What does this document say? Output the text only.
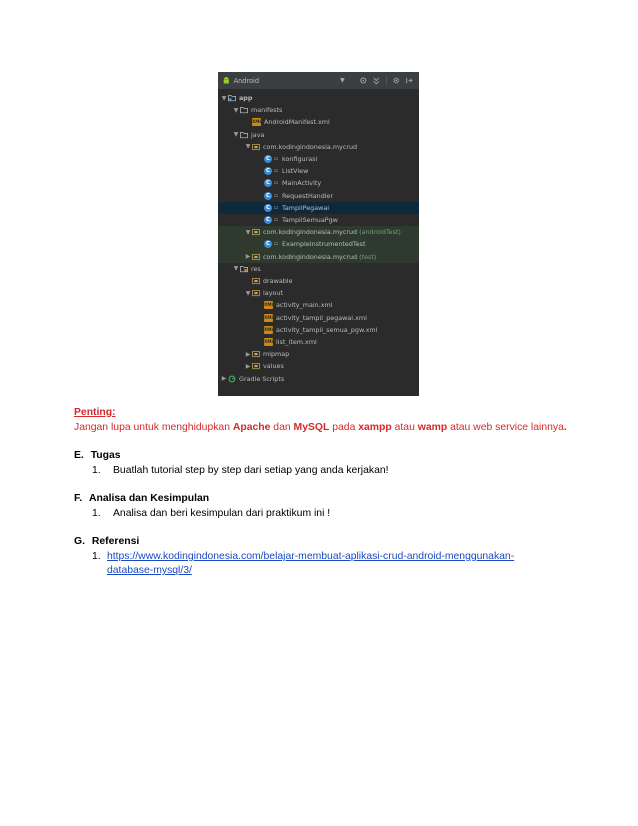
Android	▼
▼ app
▼ manifests
XML AndroidManifest.xml
▼ java
▼ com.kodingindonesia.mycrud
C ▫ konfigurasi
C ▫ ListView
C ▫ MainActivity
C ▫ RequestHandler
C ▫ TampilPegawai
C ▫ TampilSemuaPgw
▼ com.kodingindonesia.mycrud (androidTest)
C ▫ ExampleInstrumentedTest
▶ com.kodingindonesia.mycrud (test)
▼ res
drawable
▼ layout
XML activity_main.xml
XML activity_tampil_pegawai.xml
XML activity_tampil_semua_pgw.xml
XML list_item.xml
▶ mipmap
▶ values
▶ Gradle Scripts
Penting:
Jangan lupa untuk menghidupkan Apache dan MySQL pada xampp atau wamp atau web service lainnya.
E. Tugas
1. Buatlah tutorial step by step dari setiap yang anda kerjakan!
F. Analisa dan Kesimpulan
1. Analisa dan beri kesimpulan dari praktikum ini !
G. Referensi
1. https://www.kodingindonesia.com/belajar-membuat-aplikasi-crud-android-menggunakan-
database-mysql/3/
